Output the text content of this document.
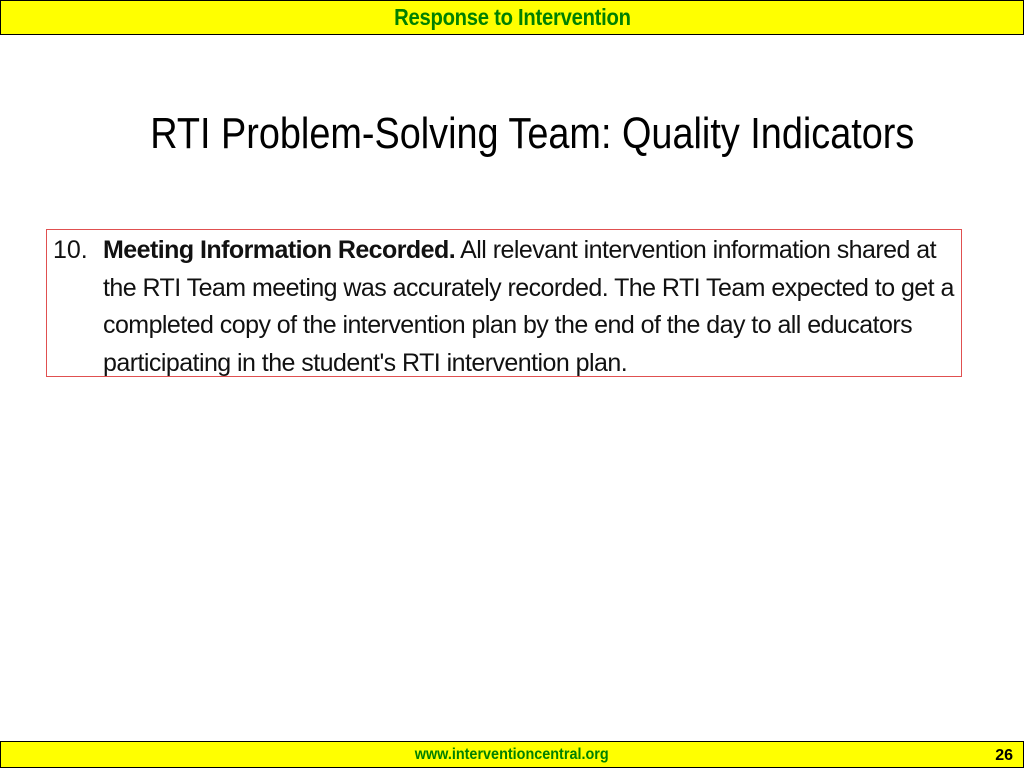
Response to Intervention
RTI Problem-Solving Team: Quality Indicators
10. Meeting Information Recorded. All relevant intervention information shared at the RTI Team meeting was accurately recorded. The RTI Team expected to get a completed copy of the intervention plan by the end of the day to all educators participating in the student's RTI intervention plan.
www.interventioncentral.org	26
